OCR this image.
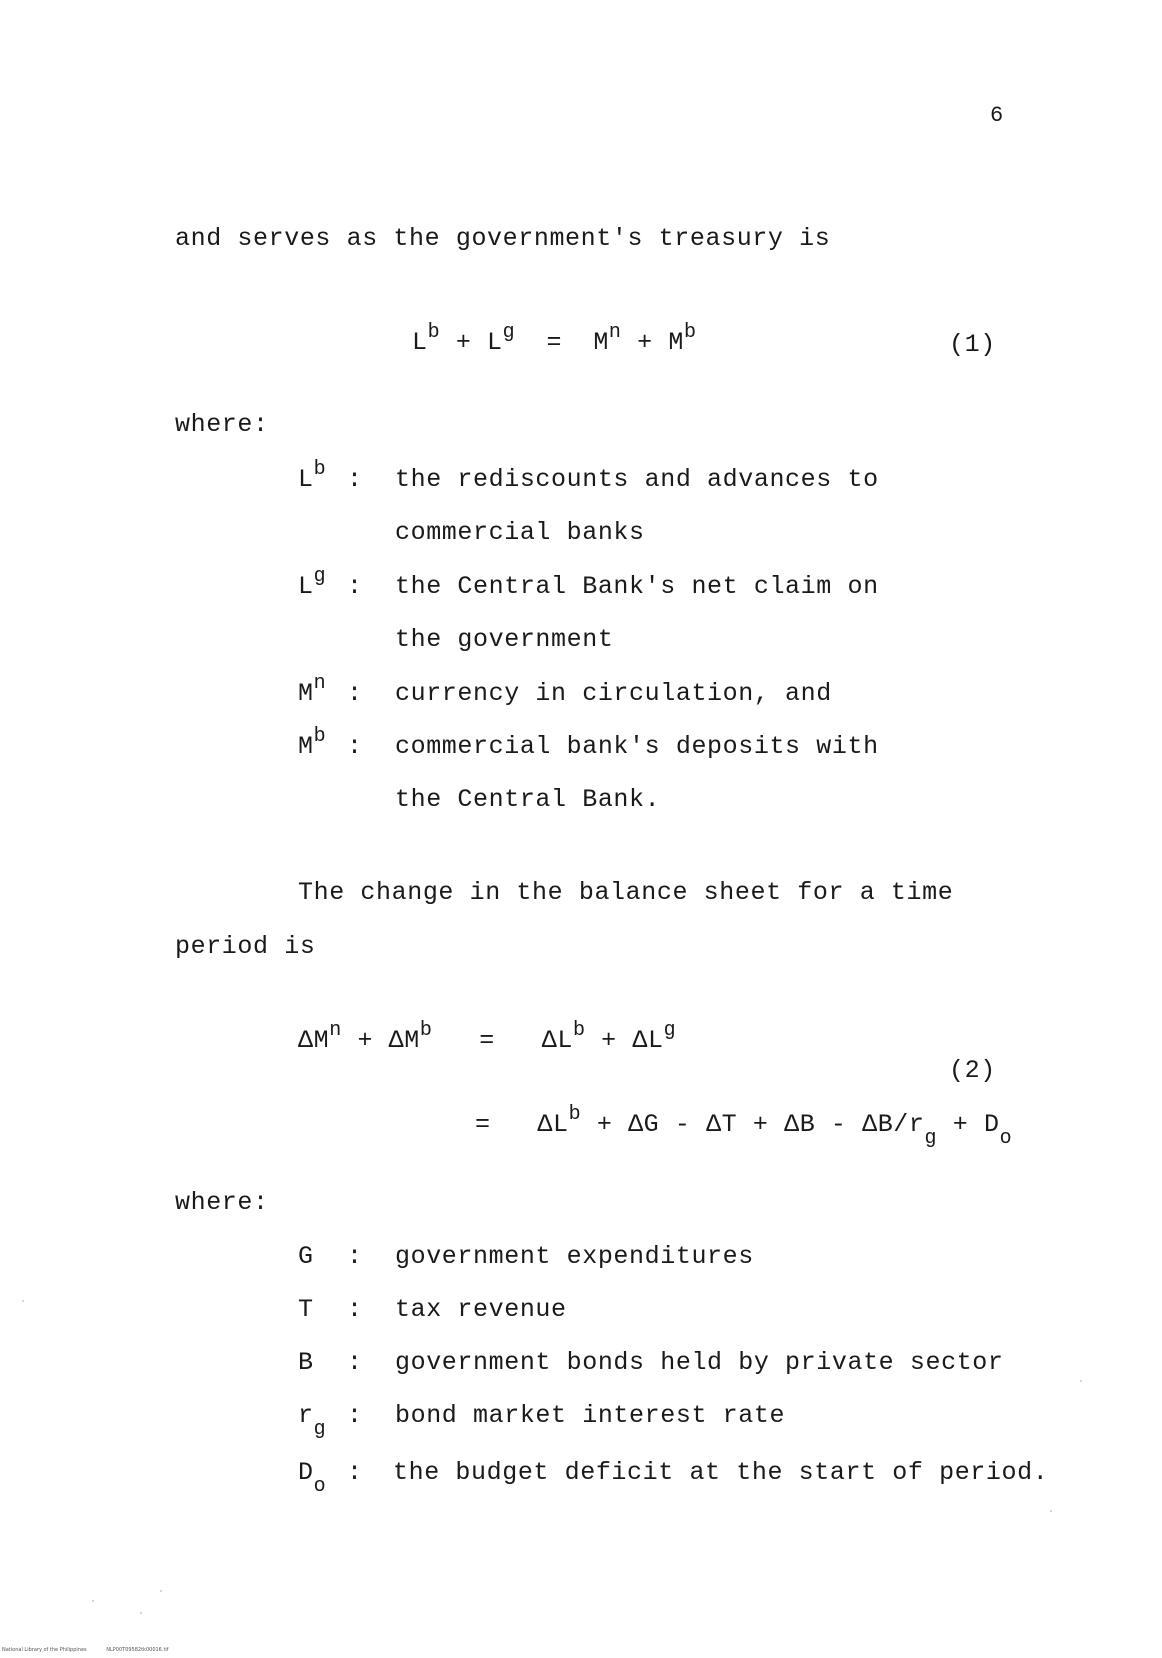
6
and serves as the government's treasury is
$L^b + L^g = M^n + M^b$	(1)
where:
$L^b$ : the rediscounts and advances to
commercial banks
$L^g$ : the Central Bank's net claim on
the government
$M^n$ : currency in circulation, and
$M^b$ : commercial bank's deposits with
the Central Bank.
The change in the balance sheet for a time
period is
$\Delta M^n + \Delta M^b = \Delta L^b + \Delta L^g$
(2)
= $\Delta L^b + \Delta G - \Delta T + \Delta B - \Delta B/r_g + D_o$
where:
G : government expenditures
T : tax revenue
B : government bonds held by private sector
$r_g$ : bond market interest rate
$D_o$ : the budget deficit at the start of period.
National Library of the Philippines	NLP00T09582tk00016.tif
